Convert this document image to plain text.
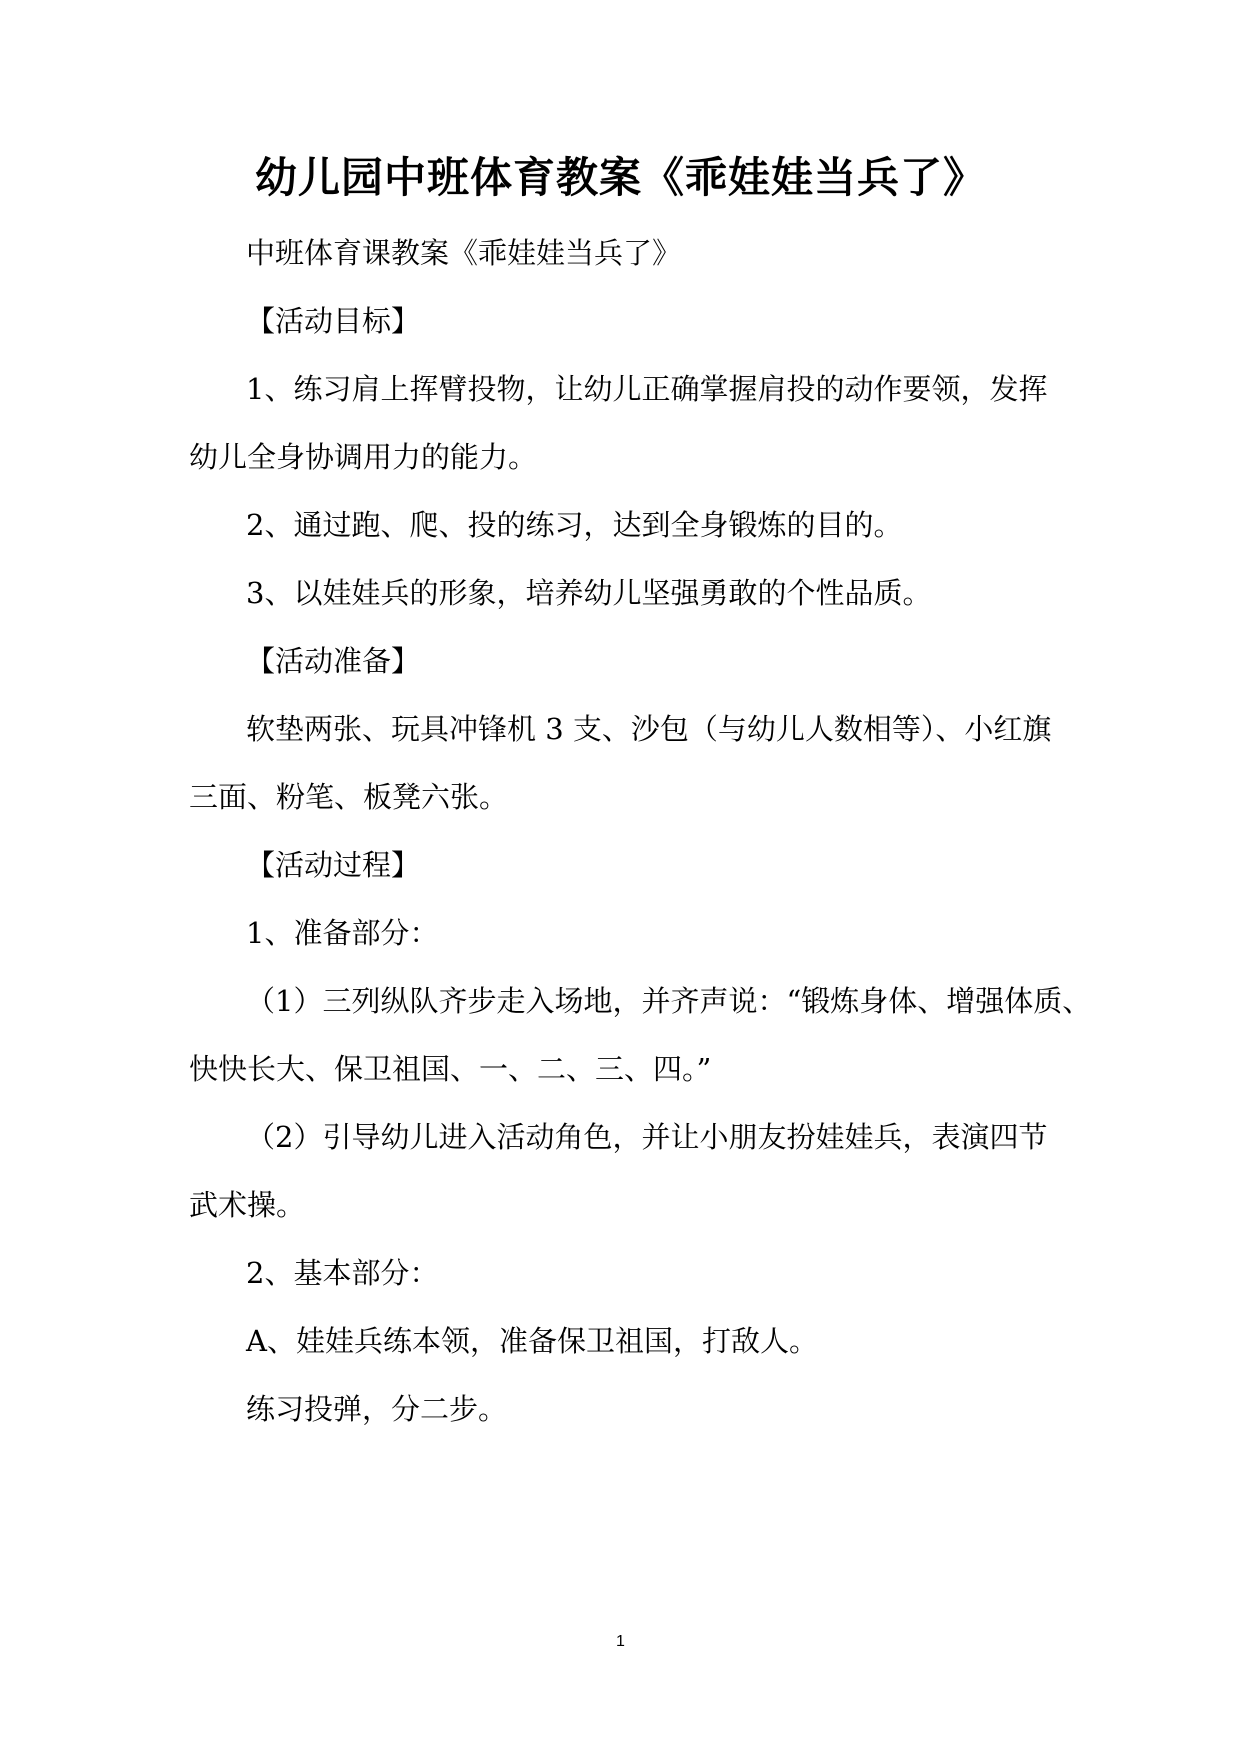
幼儿园中班体育教案《乖娃娃当兵了》

中班体育课教案《乖娃娃当兵了》

【活动目标】

1、练习肩上挥臂投物，让幼儿正确掌握肩投的动作要领，发挥

幼儿全身协调用力的能力。

2、通过跑、爬、投的练习，达到全身锻炼的目的。

3、以娃娃兵的形象，培养幼儿坚强勇敢的个性品质。

【活动准备】

软垫两张、玩具冲锋机 3 支、沙包（与幼儿人数相等）、小红旗

三面、粉笔、板凳六张。

【活动过程】

1、准备部分：

（1）三列纵队齐步走入场地，并齐声说：“锻炼身体、增强体质、

快快长大、保卫祖国、一、二、三、四。”

（2）引导幼儿进入活动角色，并让小朋友扮娃娃兵，表演四节

武术操。

2、基本部分：

A、娃娃兵练本领，准备保卫祖国，打敌人。

练习投弹，分二步。

1
